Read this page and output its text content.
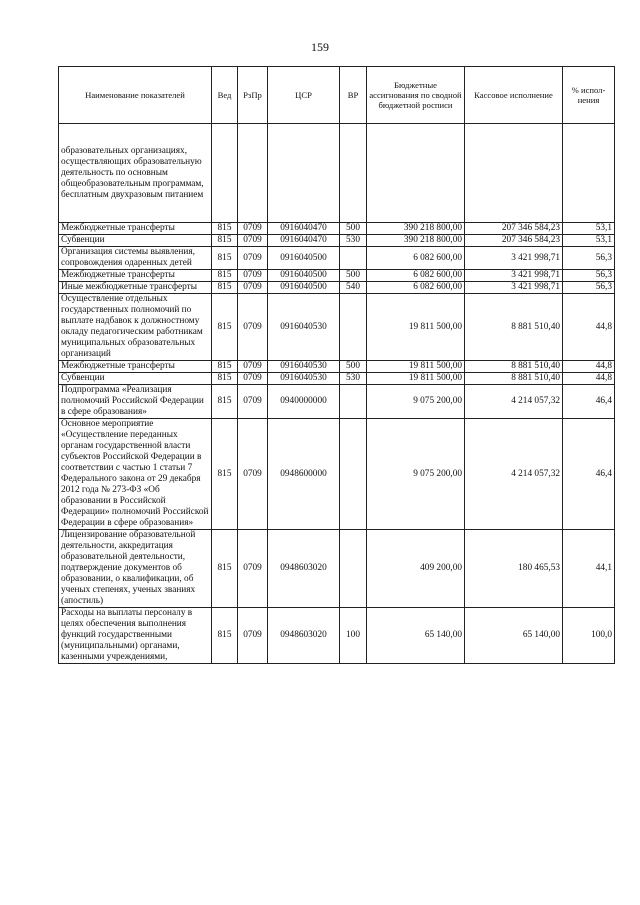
159
Наименование показателей	Вед	РзПр	ЦСР	ВР	Бюджетные ассигнования по сводной бюджетной росписи	Кассовое исполнение	% испол-нения
образовательных организациях, осуществляющих образовательную деятельность по основным общеобразовательным программам, бесплатным двухразовым питанием							
Межбюджетные трансферты	815	0709	0916040470	500	390 218 800,00	207 346 584,23	53,1
Субвенции	815	0709	0916040470	530	390 218 800,00	207 346 584,23	53,1
Организация системы выявления, сопровождения одаренных детей	815	0709	0916040500		6 082 600,00	3 421 998,71	56,3
Межбюджетные трансферты	815	0709	0916040500	500	6 082 600,00	3 421 998,71	56,3
Иные межбюджетные трансферты	815	0709	0916040500	540	6 082 600,00	3 421 998,71	56,3
Осуществление отдельных государственных полномочий по выплате надбавок к должностному окладу педагогическим работникам муниципальных образовательных организаций	815	0709	0916040530		19 811 500,00	8 881 510,40	44,8
Межбюджетные трансферты	815	0709	0916040530	500	19 811 500,00	8 881 510,40	44,8
Субвенции	815	0709	0916040530	530	19 811 500,00	8 881 510,40	44,8
Подпрограмма «Реализация полномочий Российской Федерации в сфере образования»	815	0709	0940000000		9 075 200,00	4 214 057,32	46,4
Основное мероприятие «Осуществление переданных органам государственной власти субъектов Российской Федерации в соответствии с частью 1 статьи 7 Федерального закона от 29 декабря 2012 года № 273-ФЗ «Об образовании в Российской Федерации» полномочий Российской Федерации в сфере образования»	815	0709	0948600000		9 075 200,00	4 214 057,32	46,4
Лицензирование образовательной деятельности, аккредитация образовательной деятельности, подтверждение документов об образовании, о квалификации, об ученых степенях, ученых званиях (апостиль)	815	0709	0948603020		409 200,00	180 465,53	44,1
Расходы на выплаты персоналу в целях обеспечения выполнения функций государственными (муниципальными) органами, казенными учреждениями,	815	0709	0948603020	100	65 140,00	65 140,00	100,0
